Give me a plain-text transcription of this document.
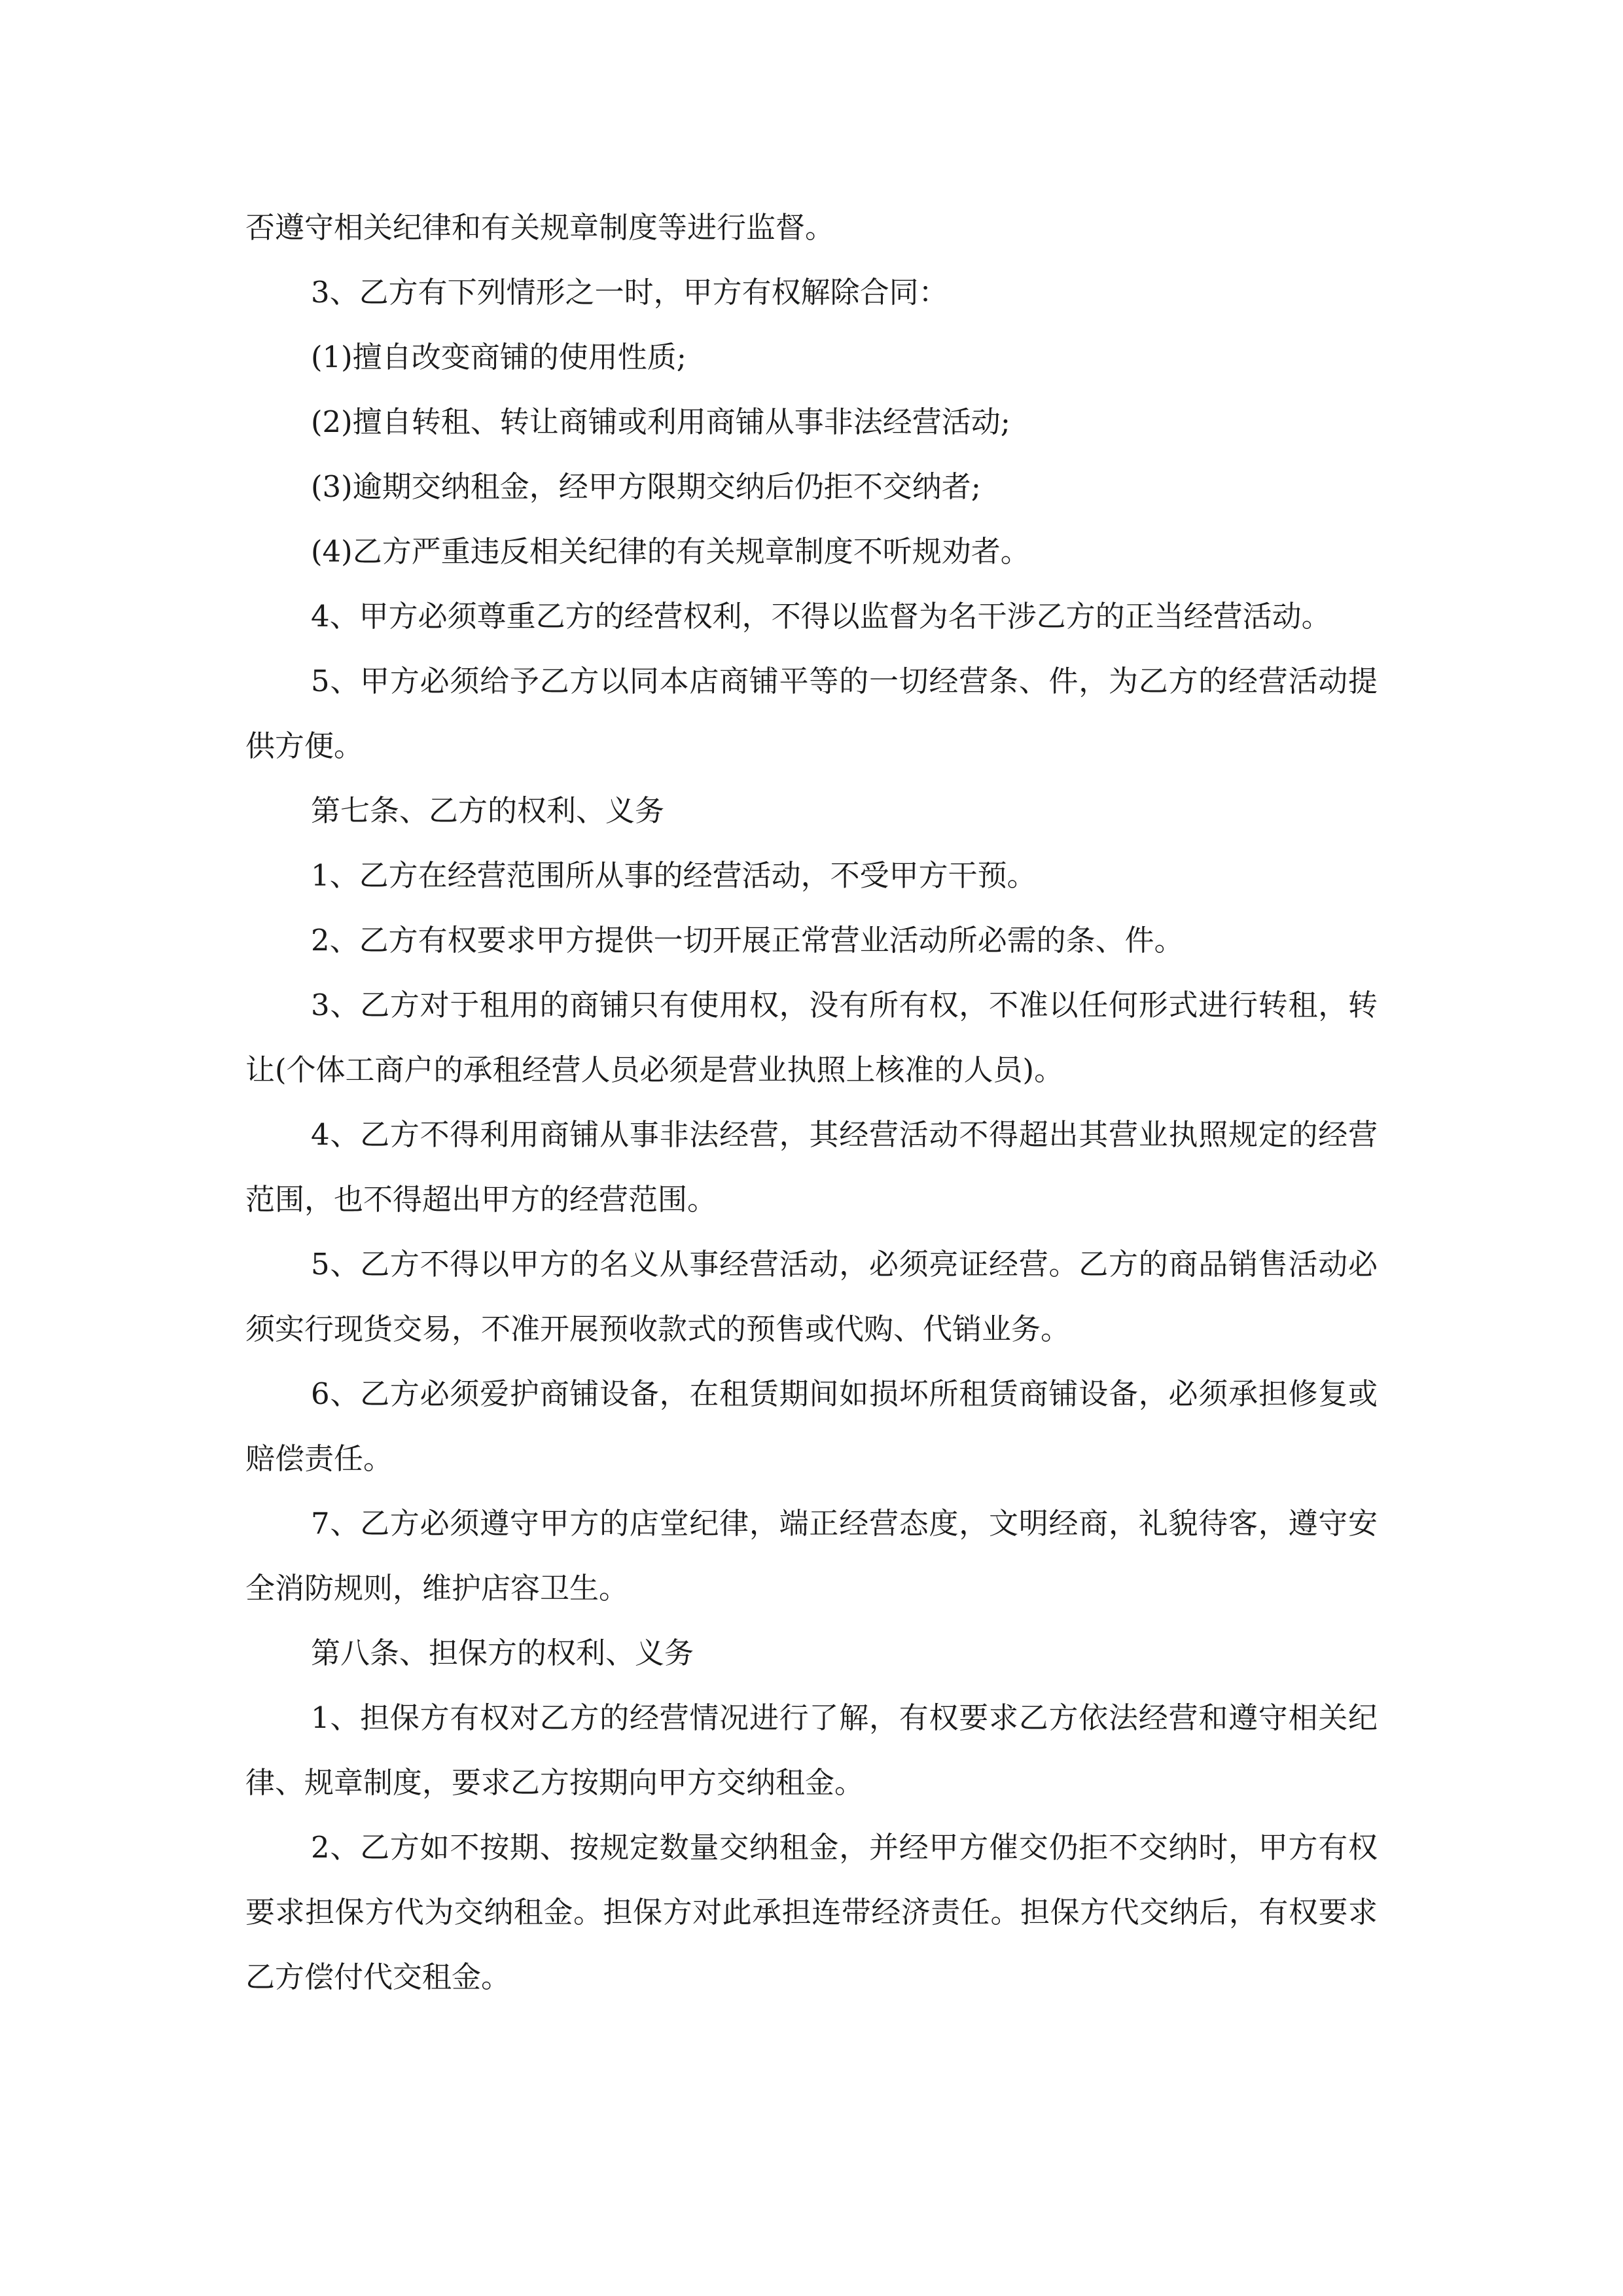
否遵守相关纪律和有关规章制度等进行监督。

3、乙方有下列情形之一时，甲方有权解除合同：

(1)擅自改变商铺的使用性质;

(2)擅自转租、转让商铺或利用商铺从事非法经营活动;

(3)逾期交纳租金，经甲方限期交纳后仍拒不交纳者;

(4)乙方严重违反相关纪律的有关规章制度不听规劝者。

4、甲方必须尊重乙方的经营权利，不得以监督为名干涉乙方的正当经营活动。

5、甲方必须给予乙方以同本店商铺平等的一切经营条、件，为乙方的经营活动提供方便。

第七条、乙方的权利、义务

1、乙方在经营范围所从事的经营活动，不受甲方干预。

2、乙方有权要求甲方提供一切开展正常营业活动所必需的条、件。

3、乙方对于租用的商铺只有使用权，没有所有权，不准以任何形式进行转租，转让(个体工商户的承租经营人员必须是营业执照上核准的人员)。

4、乙方不得利用商铺从事非法经营，其经营活动不得超出其营业执照规定的经营范围，也不得超出甲方的经营范围。

5、乙方不得以甲方的名义从事经营活动，必须亮证经营。乙方的商品销售活动必须实行现货交易，不准开展预收款式的预售或代购、代销业务。

6、乙方必须爱护商铺设备，在租赁期间如损坏所租赁商铺设备，必须承担修复或赔偿责任。

7、乙方必须遵守甲方的店堂纪律，端正经营态度，文明经商，礼貌待客，遵守安全消防规则，维护店容卫生。

第八条、担保方的权利、义务

1、担保方有权对乙方的经营情况进行了解，有权要求乙方依法经营和遵守相关纪律、规章制度，要求乙方按期向甲方交纳租金。

2、乙方如不按期、按规定数量交纳租金，并经甲方催交仍拒不交纳时，甲方有权要求担保方代为交纳租金。担保方对此承担连带经济责任。担保方代交纳后，有权要求乙方偿付代交租金。
